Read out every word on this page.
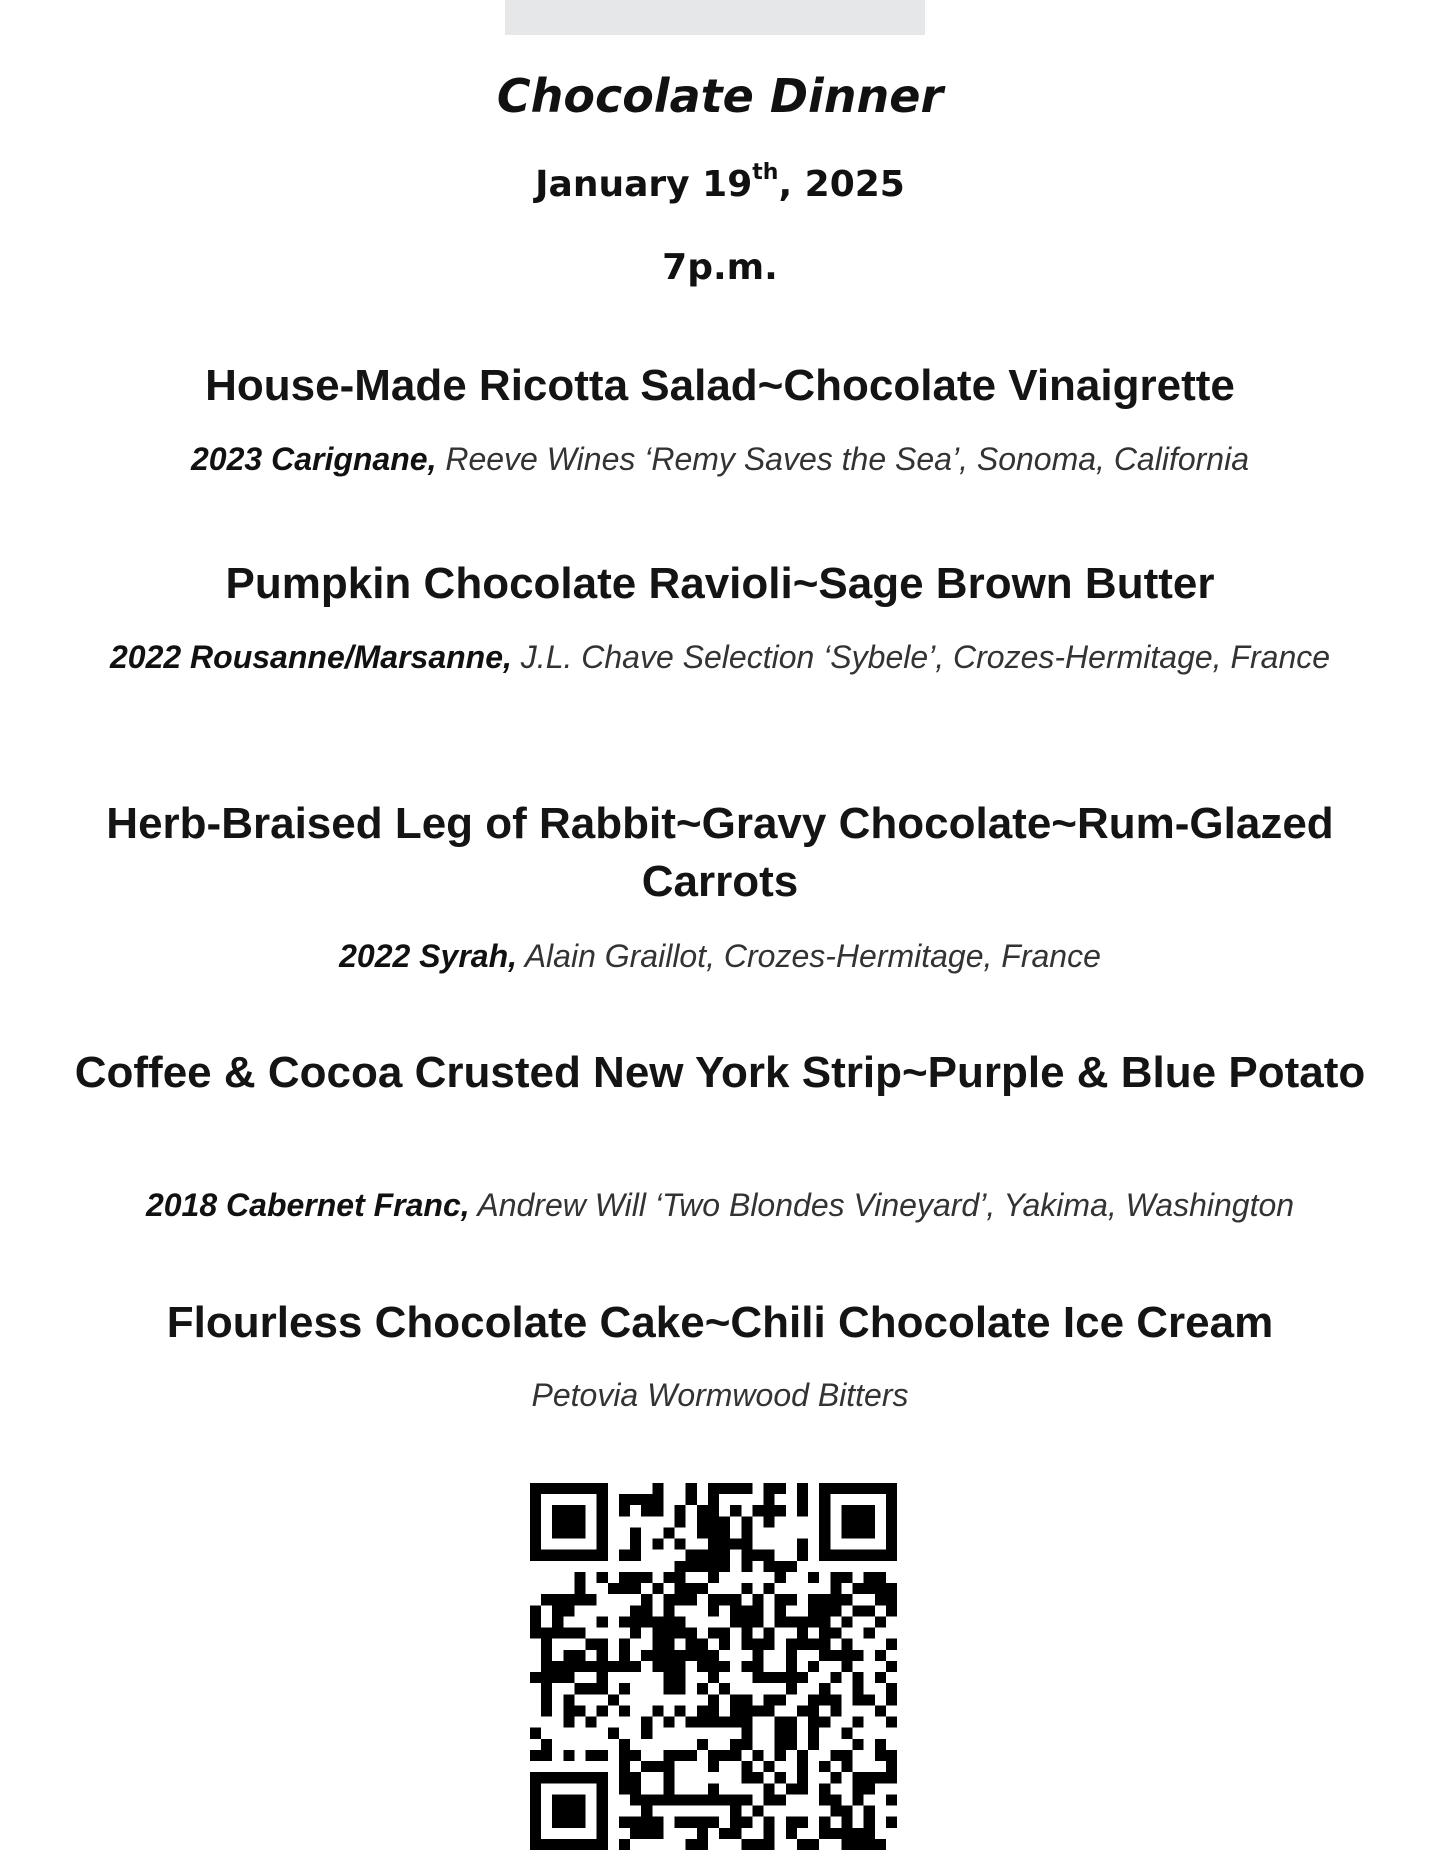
Chocolate Dinner
January 19th, 2025
7p.m.
House-Made Ricotta Salad~Chocolate Vinaigrette
2023 Carignane, Reeve Wines ‘Remy Saves the Sea’, Sonoma, California
Pumpkin Chocolate Ravioli~Sage Brown Butter
2022 Rousanne/Marsanne, J.L. Chave Selection ‘Sybele’, Crozes-Hermitage, France
Herb-Braised Leg of Rabbit~Gravy Chocolate~Rum-Glazed Carrots
2022 Syrah, Alain Graillot, Crozes-Hermitage, France
Coffee & Cocoa Crusted New York Strip~Purple & Blue Potato
2018 Cabernet Franc, Andrew Will ‘Two Blondes Vineyard’, Yakima, Washington
Flourless Chocolate Cake~Chili Chocolate Ice Cream
Petovia Wormwood Bitters
